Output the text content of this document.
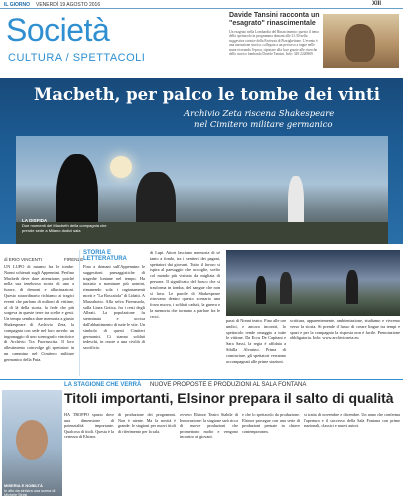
IL GIORNO VENERDÌ 19 AGOSTO 2016	XIII
Società
CULTURA / SPETTACOLI
Davide Tansini racconta un "esagrato" rinascimentale
Un esagrato nella Lombardia del Rinascimento: questo il tema dello spettacolo in programma domani alle 21.30 nella suggestiva cornice della Fortezza di Pizzighettone. L'evento è una narrazione storica, collegata a un percorso a tappe nelle mura ricreando l'epoca, riportare alla luce grazie alle ricerche dello storico lombardo Davide Tansini. Info: 349 2220869.
Macbeth, per palco le tombe dei vinti
Archivio Zeta riscena Shakespeare
nel Cimitero militare germanico
LA DISFIDA
Due momenti del Macbeth della compagnia che prende sede a Milano dodici sala
di ERIO VINCENTI	FIRENZE
UN LUPO di marmo fra le tombe. Nonni schierati sugli Appennini. Perfino Macbeth deve dare attenzione; poiché nella sua tenebrosa storia di uno a furore, di demoni e allucinazioni. Questo straordinario richiamo ai tragici eventi che parlano di milioni di vittime, al di là della storia, la fede che più sorgeva in queste terre tra scelte e gesti. Un tempo sembra dare memoria a giusto Shakespeare di Archivio Zeta, la compagnia con sede nel loro arredo: un ingranaggio di uno scenografo vincitrice di Archivio Tra Fuoriuscita. Il loro allestimento coinvolge gli spettatori in un cammino nel Cimitero militare germanico della Futa.
STORIA E LETTERATURA
Fino a domani sull'Appennino le suggestioni paesaggistiche di tragedie lontane nel tempo. Ha iniziato a nominare più uomini, rimanendo sola i ragionamenti morti e "La Boscaiola" di Lidatti. A Marzabotto. Alla selva Firenzuola, sulla Linea Gotica, fra i resti degli Alleati. La popolazione fu sterminata e uccisa dall'abbattimento di tutte le vite. Un simbolo di questi Cimiteri germanici. Ci stanno soldati tedeschi, in onore a una civiltà di sacrificio.
di Lupi. Attori lasciano memoria di sé tanto a fondo, tra i sentieri dei pagani, spettatori dai giovani. Tutto il lavoro si ispira al paesaggio che accoglie, scelto col mondo più visitato da migliaia di persone. Il significato del bosco che si trasforma in tomba, del sangue che non si lava. Le parole di Shakespeare ritrovano dentro questo scenario una forza nuova, i soldati caduti, la guerra e la memoria che tornano a parlare fra le croci.
passi di Nonni teatro. Fino alle ore undici, e ancora incontri, lo spettacolo rende omaggio a tutte le vittime. Da Eccu De Capitani e Sara Sassi, la regia è affidata a Sibilla Alvarino. Prima di cominciare, gli spettatori verranno accompagnati alle prime stazioni.
scrittura, apparentemente, ambientazione, studiamo e vivremo verso la storia. Si prende il lusso di creare lingue tra tempi e spazi e per la compagnia la risposta non è facile. Prenotazione obbligatoria. Info: www.archiviozeta.eu
LA STAGIONE CHE VERRÀ NUOVE PROPOSTE E PRODUZIONI AL SALA FONTANA
MISERIA E NOBILTÀ
In alto da sinistra una scena di Michele Sinisi
Titoli importanti, Elsinor prepara il salto di qualità
HA TROPPO spazio dove una dimensione di potenzialità importante. Qualcosa di titoli. Questa è la certezza di Elsinor.
di produzione dei programmi. Non è niente. Ma la novità è grande: le stagioni per nuovi titoli di riferimento per la sala.
ovvero Elsinor Teatro Stabile di Innovazione: la stagione sarà ricca di nuove produzioni che promettono molto e vengono incontro ai giovani.
e che lo spettacolo da produzione. Elsinor prosegue con una serie di produzioni pensate in chiave contemporanea.
si tratta di novembre e dicembre. Un anno che conferma l'apertura e il successo della Sala Fontana con prime nazionali, classici e nuovi autori.
